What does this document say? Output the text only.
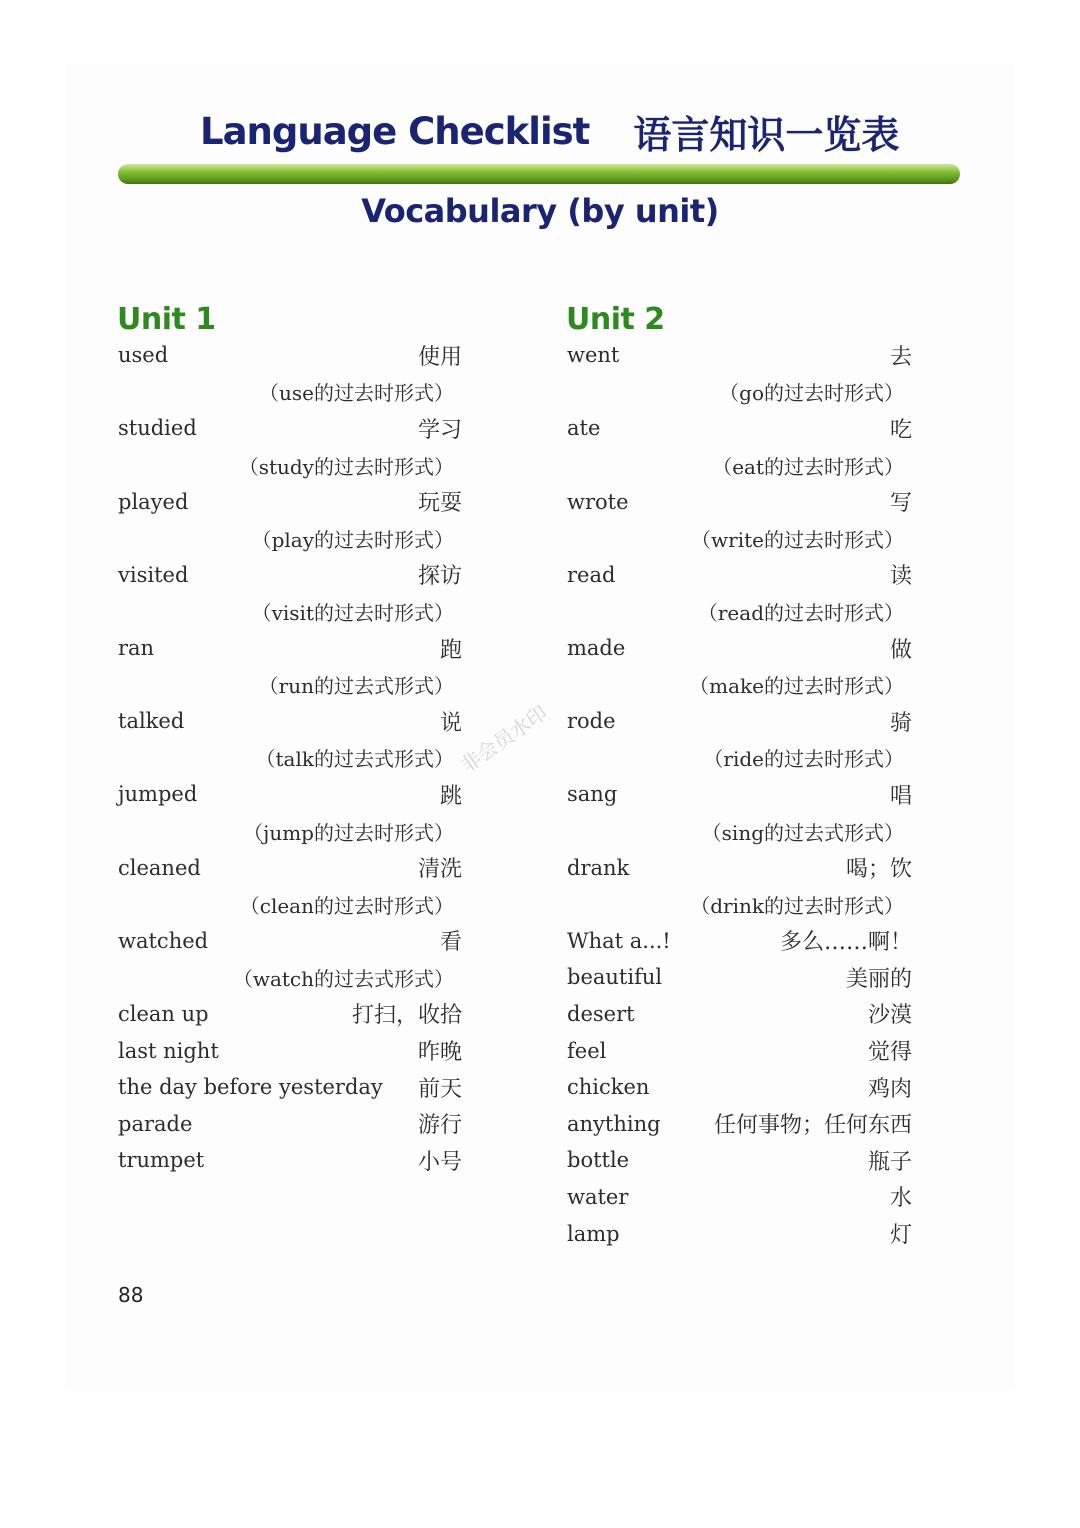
Language Checklist 语言知识一览表
Vocabulary (by unit)
Unit 1	Unit 2
used	使用
（use的过去时形式）
studied	学习
（study的过去时形式）
played	玩耍
（play的过去时形式）
visited	探访
（visit的过去时形式）
ran	跑
（run的过去式形式）
talked	说
（talk的过去式形式）
jumped	跳
（jump的过去时形式）
cleaned	清洗
（clean的过去时形式）
watched	看
（watch的过去式形式）
clean up	打扫，收拾
last night	昨晚
the day before yesterday 前天
parade	游行
trumpet	小号
went	去
（go的过去时形式）
ate	吃
（eat的过去时形式）
wrote	写
（write的过去时形式）
read	读
（read的过去时形式）
made	做
（make的过去时形式）
rode	骑
（ride的过去时形式）
sang	唱
（sing的过去式形式）
drank	喝；饮
（drink的过去时形式）
What a...!	多么……啊！
beautiful	美丽的
desert	沙漠
feel	觉得
chicken	鸡肉
anything 任何事物；任何东西
bottle	瓶子
water	水
lamp	灯
非会员水印
88
